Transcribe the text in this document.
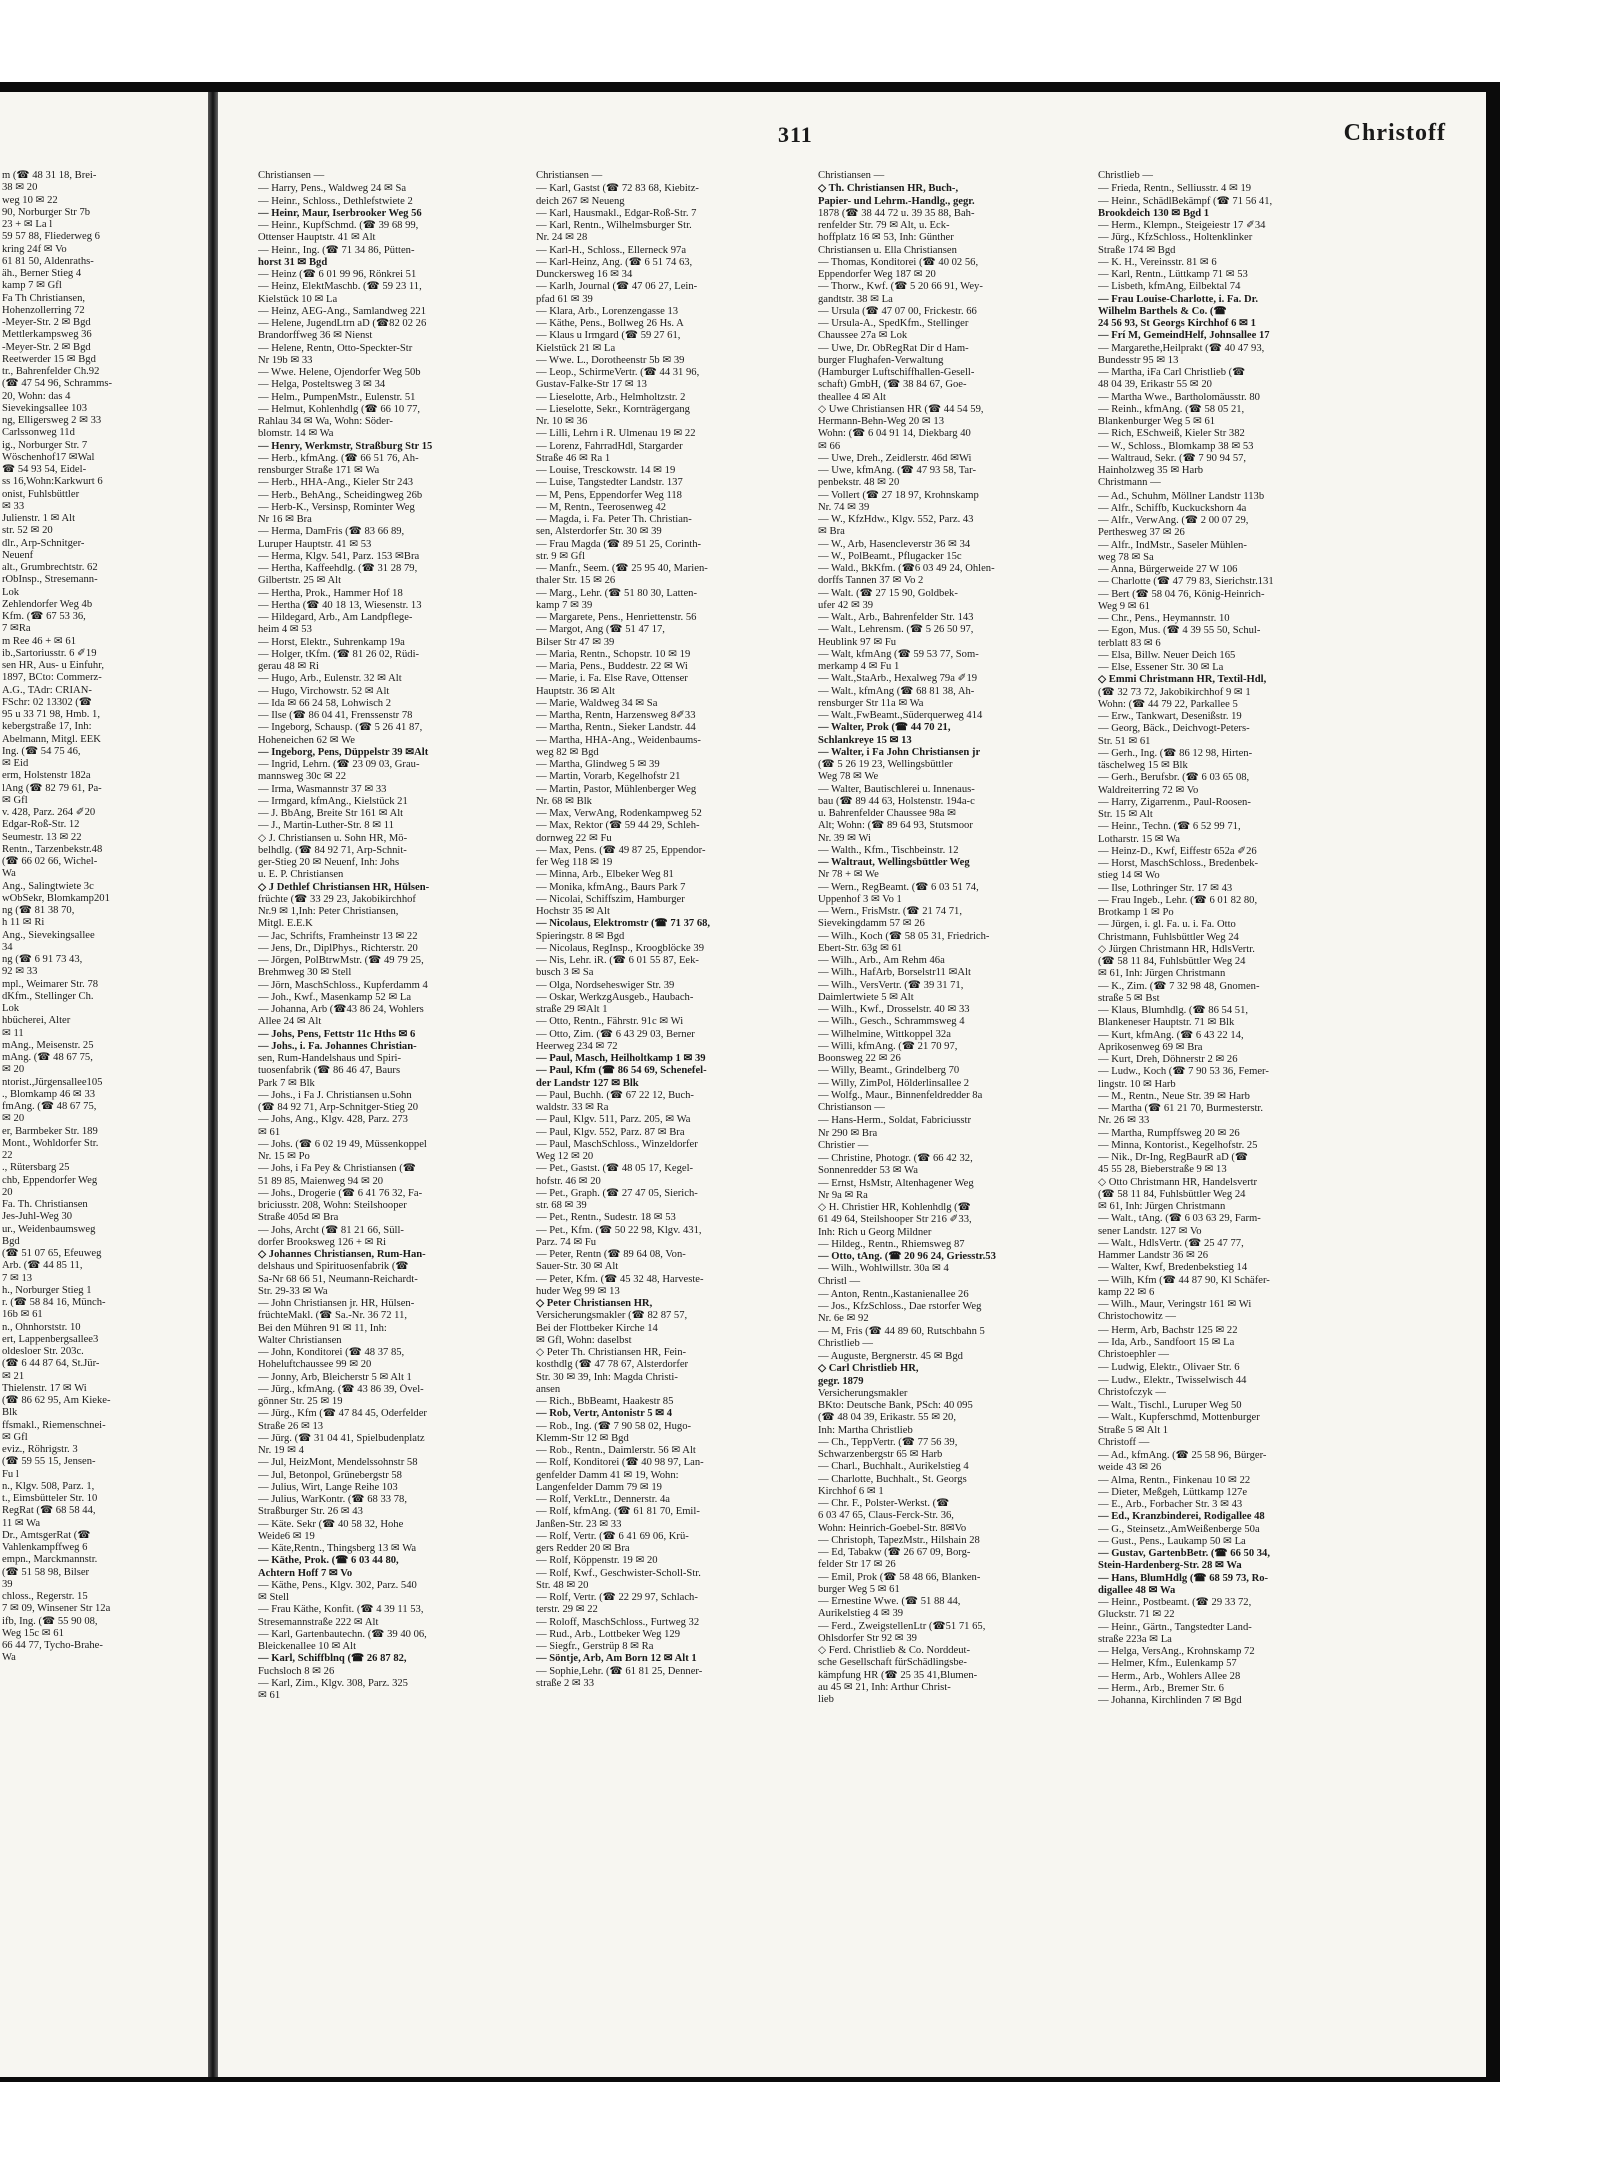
m (☎ 48 31 18, Brei-
38 ✉ 20
weg 10 ✉ 22
90, Norburger Str 7b
23 + ✉ La l
59 57 88, Fliederweg 6
kring 24f ✉ Vo
61 81 50, Aldenraths-
äh., Berner Stieg 4
kamp 7 ✉ Gfl
Fa Th Christiansen,
Hohenzollerring 72
-Meyer-Str. 2 ✉ Bgd
Mettlerkampsweg 36
-Meyer-Str. 2 ✉ Bgd
Reetwerder 15 ✉ Bgd
tr., Bahrenfelder Ch.92
(☎ 47 54 96, Schramms-
20, Wohn: das 4
Sievekingsallee 103
ng, Elligersweg 2 ✉ 33
Carlssonweg 11d
ig., Norburger Str. 7
Wöschenhof17 ✉Wal
☎ 54 93 54, Eidel-
ss 16,Wohn:Karkwurt 6
onist, Fuhlsbüttler
✉ 33
Julienstr. 1 ✉ Alt
str. 52 ✉ 20
dlr., Arp-Schnitger-
Neuenf
alt., Grumbrechtstr. 62
rObInsp., Stresemann-
Lok
Zehlendorfer Weg 4b
Kfm. (☎ 67 53 36,
7 ✉Ra
m Ree 46 + ✉ 61
ib.,Sartoriusstr. 6 ✐19
sen HR, Aus- u Einfuhr,
1897, BCto: Commerz-
A.G., TAdr: CRIAN-
FSchr: 02 13302 (☎
95 u 33 71 98, Hmb. 1,
kebergstraße 17, Inh:
Abelmann, Mitgl. EEK
Ing. (☎ 54 75 46,
✉ Eid
erm, Holstenstr 182a
lAng (☎ 82 79 61, Pa-
✉ Gfl
v. 428, Parz. 264 ✐20
Edgar-Roß-Str. 12
Seumestr. 13 ✉ 22
Rentn., Tarzenbekstr.48
(☎ 66 02 66, Wichel-
Wa
Ang., Salingtwiete 3c
wObSekr, Blomkamp201
ng (☎ 81 38 70,
h 11 ✉ Ri
Ang., Sievekingsallee
34
ng (☎ 6 91 73 43,
92 ✉ 33
mpl., Weimarer Str. 78
dKfm., Stellinger Ch.
Lok
hbücherei, Alter
✉ 11
mAng., Meisenstr. 25
mAng. (☎ 48 67 75,
✉ 20
ntorist.,Jürgensallee105
., Blomkamp 46 ✉ 33
fmAng. (☎ 48 67 75,
✉ 20
er, Barmbeker Str. 189
Mont., Wohldorfer Str.
22
., Rütersbarg 25
chb, Eppendorfer Weg
20
Fa. Th. Christiansen
Jes-Juhl-Weg 30
ur., Weidenbaumsweg
Bgd
(☎ 51 07 65, Efeuweg
Arb. (☎ 44 85 11,
7 ✉ 13
h., Norburger Stieg 1
r. (☎ 58 84 16, Münch-
16b ✉ 61
n., Ohnhorststr. 10
ert, Lappenbergsallee3
oldesloer Str. 203c.
(☎ 6 44 87 64, St.Jür-
✉ 21
Thielenstr. 17 ✉ Wi
(☎ 86 62 95, Am Kieke-
Blk
ffsmakl., Riemenschnei-
✉ Gfl
eviz., Röhrigstr. 3
(☎ 59 55 15, Jensen-
Fu l
n., Klgv. 508, Parz. 1,
t., Eimsbütteler Str. 10
RegRat (☎ 68 58 44,
11 ✉ Wa
Dr., AmtsgerRat (☎
Vahlenkampffweg 6
empn., Marckmannstr.
(☎ 51 58 98, Bilser
39
chloss., Regerstr. 15
7 ✉ 09, Winsener Str 12a
ifb, Ing. (☎ 55 90 08,
Weg 15c ✉ 61
66 44 77, Tycho-Brahe-
Wa
311	Christoff
Christiansen —
— Harry, Pens., Waldweg 24 ✉ Sa
— Heinr., Schloss., Dethlefstwiete 2
— Heinr, Maur, Iserbrooker Weg 56
— Heinr., KupfSchmd. (☎ 39 68 99,
Ottenser Hauptstr. 41 ✉ Alt
— Heinr., Ing. (☎ 71 34 86, Pütten-
horst 31 ✉ Bgd
— Heinz (☎ 6 01 99 96, Rönkrei 51
— Heinz, ElektMaschb. (☎ 59 23 11,
Kielstück 10 ✉ La
— Heinz, AEG-Ang., Samlandweg 221
— Helene, JugendLtrn aD (☎82 02 26
Brandorffweg 36 ✉ Nienst
— Helene, Rentn, Otto-Speckter-Str
Nr 19b ✉ 33
— Wwe. Helene, Ojendorfer Weg 50b
— Helga, Posteltsweg 3 ✉ 34
— Helm., PumpenMstr., Eulenstr. 51
— Helmut, Kohlenhdlg (☎ 66 10 77,
Rahlau 34 ✉ Wa, Wohn: Söder-
blomstr. 14 ✉ Wa
— Henry, Werkmstr, Straßburg Str 15
— Herb., kfmAng. (☎ 66 51 76, Ah-
rensburger Straße 171 ✉ Wa
— Herb., HHA-Ang., Kieler Str 243
— Herb., BehAng., Scheidingweg 26b
— Herb-K., Versinsp, Rominter Weg
Nr 16 ✉ Bra
— Herma, DamFris (☎ 83 66 89,
Luruper Hauptstr. 41 ✉ 53
— Herma, Klgv. 541, Parz. 153 ✉Bra
— Hertha, Kaffeehdlg. (☎ 31 28 79,
Gilbertstr. 25 ✉ Alt
— Hertha, Prok., Hammer Hof 18
— Hertha (☎ 40 18 13, Wiesenstr. 13
— Hildegard, Arb., Am Landpflege-
heim 4 ✉ 53
— Horst, Elektr., Suhrenkamp 19a
— Holger, tKfm. (☎ 81 26 02, Rüdi-
gerau 48 ✉ Ri
— Hugo, Arb., Eulenstr. 32 ✉ Alt
— Hugo, Virchowstr. 52 ✉ Alt
— Ida ✉ 66 24 58, Lohwisch 2
— Ilse (☎ 86 04 41, Frenssenstr 78
— Ingeborg, Schausp. (☎ 5 26 41 87,
Hoheneichen 62 ✉ We
— Ingeborg, Pens, Düppelstr 39 ✉Alt
— Ingrid, Lehrn. (☎ 23 09 03, Grau-
mannsweg 30c ✉ 22
— Irma, Wasmannstr 37 ✉ 33
— Irmgard, kfmAng., Kielstück 21
— J. BbAng, Breite Str 161 ✉ Alt
— J., Martin-Luther-Str. 8 ✉ 11
◇ J. Christiansen u. Sohn HR, Mö-
belhdlg. (☎ 84 92 71, Arp-Schnit-
ger-Stieg 20 ✉ Neuenf, Inh: Johs
u. E. P. Christiansen
◇ J Dethlef Christiansen HR, Hülsen-
früchte (☎ 33 29 23, Jakobikirchhof
Nr.9 ✉ 1,Inh: Peter Christiansen,
Mitgl. E.E.K
— Jac, Schrifts, Framheinstr 13 ✉ 22
— Jens, Dr., DiplPhys., Richterstr. 20
— Jörgen, PolBtrwMstr. (☎ 49 79 25,
Brehmweg 30 ✉ Stell
— Jörn, MaschSchloss., Kupferdamm 4
— Joh., Kwf., Masenkamp 52 ✉ La
— Johanna, Arb (☎43 86 24, Wohlers
Allee 24 ✉ Alt
— Johs, Pens, Fettstr 11c Hths ✉ 6
— Johs., i. Fa. Johannes Christian-
sen, Rum-Handelshaus und Spiri-
tuosenfabrik (☎ 86 46 47, Baurs
Park 7 ✉ Blk
— Johs., i Fa J. Christiansen u.Sohn
(☎ 84 92 71, Arp-Schnitger-Stieg 20
— Johs, Ang., Klgv. 428, Parz. 273
✉ 61
— Johs. (☎ 6 02 19 49, Müssenkoppel
Nr. 15 ✉ Po
— Johs, i Fa Pey & Christiansen (☎
51 89 85, Maienweg 94 ✉ 20
— Johs., Drogerie (☎ 6 41 76 32, Fa-
briciusstr. 208, Wohn: Steilshooper
Straße 405d ✉ Bra
— Johs, Archt (☎ 81 21 66, Süll-
dorfer Brooksweg 126 + ✉ Ri
◇ Johannes Christiansen, Rum-Han-
delshaus und Spirituosenfabrik (☎
Sa-Nr 68 66 51, Neumann-Reichardt-
Str. 29-33 ✉ Wa
— John Christiansen jr. HR, Hülsen-
früchteMakl. (☎ Sa.-Nr. 36 72 11,
Bei den Mühren 91 ✉ 11, Inh:
Walter Christiansen
— John, Konditorei (☎ 48 37 85,
Hoheluftchaussee 99 ✉ 20
— Jonny, Arb, Bleicherstr 5 ✉ Alt 1
— Jürg., kfmAng. (☎ 43 86 39, Övel-
gönner Str. 25 ✉ 19
— Jürg., Kfm (☎ 47 84 45, Oderfelder
Straße 26 ✉ 13
— Jürg. (☎ 31 04 41, Spielbudenplatz
Nr. 19 ✉ 4
— Jul, HeizMont, Mendelssohnstr 58
— Jul, Betonpol, Grünebergstr 58
— Julius, Wirt, Lange Reihe 103
— Julius, WarKontr. (☎ 68 33 78,
Straßburger Str. 26 ✉ 43
— Käte. Sekr (☎ 40 58 32, Hohe
Weide6 ✉ 19
— Käte,Rentn., Thingsberg 13 ✉ Wa
— Käthe, Prok. (☎ 6 03 44 80,
Achtern Hoff 7 ✉ Vo
— Käthe, Pens., Klgv. 302, Parz. 540
✉ Stell
— Frau Käthe, Konfit. (☎ 4 39 11 53,
Stresemannstraße 222 ✉ Alt
— Karl, Gartenbautechn. (☎ 39 40 06,
Bleickenallee 10 ✉ Alt
— Karl, Schiffblnq (☎ 26 87 82,
Fuchsloch 8 ✉ 26
— Karl, Zim., Klgv. 308, Parz. 325
✉ 61
Christiansen —
— Karl, Gastst (☎ 72 83 68, Kiebitz-
deich 267 ✉ Neueng
— Karl, Hausmakl., Edgar-Roß-Str. 7
— Karl, Rentn., Wilhelmsburger Str.
Nr. 24 ✉ 28
— Karl-H., Schloss., Ellerneck 97a
— Karl-Heinz, Ang. (☎ 6 51 74 63,
Dunckersweg 16 ✉ 34
— Karlh, Journal (☎ 47 06 27, Lein-
pfad 61 ✉ 39
— Klara, Arb., Lorenzengasse 13
— Käthe, Pens., Bollweg 26 Hs. A
— Klaus u Irmgard (☎ 59 27 61,
Kielstück 21 ✉ La
— Wwe. L., Dorotheenstr 5b ✉ 39
— Leop., SchirmeVertr. (☎ 44 31 96,
Gustav-Falke-Str 17 ✉ 13
— Lieselotte, Arb., Helmholtzstr. 2
— Lieselotte, Sekr., Kornträgergang
Nr. 10 ✉ 36
— Lilli, Lehrn i R. Ulmenau 19 ✉ 22
— Lorenz, FahrradHdl, Stargarder
Straße 46 ✉ Ra 1
— Louise, Tresckowstr. 14 ✉ 19
— Luise, Tangstedter Landstr. 137
— M, Pens, Eppendorfer Weg 118
— M, Rentn., Teerosenweg 42
— Magda, i. Fa. Peter Th. Christian-
sen, Alsterdorfer Str. 30 ✉ 39
— Frau Magda (☎ 89 51 25, Corinth-
str. 9 ✉ Gfl
— Manfr., Seem. (☎ 25 95 40, Marien-
thaler Str. 15 ✉ 26
— Marg., Lehr. (☎ 51 80 30, Latten-
kamp 7 ✉ 39
— Margarete, Pens., Henriettenstr. 56
— Margot, Ang (☎ 51 47 17,
Bilser Str 47 ✉ 39
— Maria, Rentn., Schopstr. 10 ✉ 19
— Maria, Pens., Buddestr. 22 ✉ Wi
— Marie, i. Fa. Else Rave, Ottenser
Hauptstr. 36 ✉ Alt
— Marie, Waldweg 34 ✉ Sa
— Martha, Rentn, Harzensweg 8✐33
— Martha, Rentn., Sieker Landstr. 44
— Martha, HHA-Ang., Weidenbaums-
weg 82 ✉ Bgd
— Martha, Glindweg 5 ✉ 39
— Martin, Vorarb, Kegelhofstr 21
— Martin, Pastor, Mühlenberger Weg
Nr. 68 ✉ Blk
— Max, VerwAng, Rodenkampweg 52
— Max, Rektor (☎ 59 44 29, Schleh-
dornweg 22 ✉ Fu
— Max, Pens. (☎ 49 87 25, Eppendor-
fer Weg 118 ✉ 19
— Minna, Arb., Elbeker Weg 81
— Monika, kfmAng., Baurs Park 7
— Nicolai, Schiffszim, Hamburger
Hochstr 35 ✉ Alt
— Nicolaus, Elektromstr (☎ 71 37 68,
Spieringstr. 8 ✉ Bgd
— Nicolaus, RegInsp., Kroogblöcke 39
— Nis, Lehr. iR. (☎ 6 01 55 87, Eek-
busch 3 ✉ Sa
— Olga, Nordseheswiger Str. 39
— Oskar, WerkzgAusgeb., Haubach-
straße 29 ✉Alt 1
— Otto, Rentn., Fährstr. 91c ✉ Wi
— Otto, Zim. (☎ 6 43 29 03, Berner
Heerweg 234 ✉ 72
— Paul, Masch, Heilholtkamp 1 ✉ 39
— Paul, Kfm (☎ 86 54 69, Schenefel-
der Landstr 127 ✉ Blk
— Paul, Buchh. (☎ 67 22 12, Buch-
waldstr. 33 ✉ Ra
— Paul, Klgv. 511, Parz. 205, ✉ Wa
— Paul, Klgv. 552, Parz. 87 ✉ Bra
— Paul, MaschSchloss., Winzeldorfer
Weg 12 ✉ 20
— Pet., Gastst. (☎ 48 05 17, Kegel-
hofstr. 46 ✉ 20
— Pet., Graph. (☎ 27 47 05, Sierich-
str. 68 ✉ 39
— Pet., Rentn., Sudestr. 18 ✉ 53
— Pet., Kfm. (☎ 50 22 98, Klgv. 431,
Parz. 74 ✉ Fu
— Peter, Rentn (☎ 89 64 08, Von-
Sauer-Str. 30 ✉ Alt
— Peter, Kfm. (☎ 45 32 48, Harveste-
huder Weg 99 ✉ 13
◇ Peter Christiansen HR,
Versicherungsmakler (☎ 82 87 57,
Bei der Flottbeker Kirche 14
✉ Gfl, Wohn: daselbst
◇ Peter Th. Christiansen HR, Fein-
kosthdlg (☎ 47 78 67, Alsterdorfer
Str. 30 ✉ 39, Inh: Magda Christi-
ansen
— Rich., BbBeamt, Haakestr 85
— Rob, Vertr, Antonistr 5 ✉ 4
— Rob., Ing. (☎ 7 90 58 02, Hugo-
Klemm-Str 12 ✉ Bgd
— Rob., Rentn., Daimlerstr. 56 ✉ Alt
— Rolf, Konditorei (☎ 40 98 97, Lan-
genfelder Damm 41 ✉ 19, Wohn:
Langenfelder Damm 79 ✉ 19
— Rolf, VerkLtr., Dennerstr. 4a
— Rolf, kfmAng. (☎ 61 81 70, Emil-
Janßen-Str. 23 ✉ 33
— Rolf, Vertr. (☎ 6 41 69 06, Krü-
gers Redder 20 ✉ Bra
— Rolf, Köppenstr. 19 ✉ 20
— Rolf, Kwf., Geschwister-Scholl-Str.
Str. 48 ✉ 20
— Rolf, Vertr. (☎ 22 29 97, Schlach-
terstr. 29 ✉ 22
— Roloff, MaschSchloss., Furtweg 32
— Rud., Arb., Lottbeker Weg 129
— Siegfr., Gerstrüp 8 ✉ Ra
— Söntje, Arb, Am Born 12 ✉ Alt 1
— Sophie,Lehr. (☎ 61 81 25, Denner-
straße 2 ✉ 33
Christiansen —
◇ Th. Christiansen HR, Buch-,
Papier- und Lehrm.-Handlg., gegr.
1878 (☎ 38 44 72 u. 39 35 88, Bah-
renfelder Str. 79 ✉ Alt, u. Eck-
hoffplatz 16 ✉ 53, Inh: Günther
Christiansen u. Ella Christiansen
— Thomas, Konditorei (☎ 40 02 56,
Eppendorfer Weg 187 ✉ 20
— Thorw., Kwf. (☎ 5 20 66 91, Wey-
gandtstr. 38 ✉ La
— Ursula (☎ 47 07 00, Frickestr. 66
— Ursula-A., SpedKfm., Stellinger
Chaussee 27a ✉ Lok
— Uwe, Dr. ObRegRat Dir d Ham-
burger Flughafen-Verwaltung
(Hamburger Luftschiffhallen-Gesell-
schaft) GmbH, (☎ 38 84 67, Goe-
theallee 4 ✉ Alt
◇ Uwe Christiansen HR (☎ 44 54 59,
Hermann-Behn-Weg 20 ✉ 13
Wohn: (☎ 6 04 91 14, Diekbarg 40
✉ 66
— Uwe, Dreh., Zeidlerstr. 46d ✉Wi
— Uwe, kfmAng. (☎ 47 93 58, Tar-
penbekstr. 48 ✉ 20
— Vollert (☎ 27 18 97, Krohnskamp
Nr. 74 ✉ 39
— W., KfzHdw., Klgv. 552, Parz. 43
✉ Bra
— W., Arb, Hasencleverstr 36 ✉ 34
— W., PolBeamt., Pflugacker 15c
— Wald., BkKfm. (☎6 03 49 24, Ohlen-
dorffs Tannen 37 ✉ Vo 2
— Walt. (☎ 27 15 90, Goldbek-
ufer 42 ✉ 39
— Walt., Arb., Bahrenfelder Str. 143
— Walt., Lehrensm. (☎ 5 26 50 97,
Heublink 97 ✉ Fu
— Walt, kfmAng (☎ 59 53 77, Som-
merkamp 4 ✉ Fu 1
— Walt.,StaArb., Hexalweg 79a ✐19
— Walt., kfmAng (☎ 68 81 38, Ah-
rensburger Str 11a ✉ Wa
— Walt.,FwBeamt.,Süderquerweg 414
— Walter, Prok (☎ 44 70 21,
Schlankreye 15 ✉ 13
— Walter, i Fa John Christiansen jr
(☎ 5 26 19 23, Wellingsbüttler
Weg 78 ✉ We
— Walter, Bautischlerei u. Innenaus-
bau (☎ 89 44 63, Holstenstr. 194a-c
u. Bahrenfelder Chaussee 98a ✉
Alt; Wohn: (☎ 89 64 93, Stutsmoor
Nr. 39 ✉ Wi
— Walth., Kfm., Tischbeinstr. 12
— Waltraut, Wellingsbüttler Weg
Nr 78 + ✉ We
— Wern., RegBeamt. (☎ 6 03 51 74,
Uppenhof 3 ✉ Vo 1
— Wern., FrisMstr. (☎ 21 74 71,
Sievekingdamm 57 ✉ 26
— Wilh., Koch (☎ 58 05 31, Friedrich-
Ebert-Str. 63g ✉ 61
— Wilh., Arb., Am Rehm 46a
— Wilh., HafArb, Borselstr11 ✉Alt
— Wilh., VersVertr. (☎ 39 31 71,
Daimlertwiete 5 ✉ Alt
— Wilh., Kwf., Drosselstr. 40 ✉ 33
— Wilh., Gesch., Schrammsweg 4
— Wilhelmine, Wittkoppel 32a
— Willi, kfmAng. (☎ 21 70 97,
Boonsweg 22 ✉ 26
— Willy, Beamt., Grindelberg 70
— Willy, ZimPol, Hölderlinsallee 2
— Wolfg., Maur., Binnenfeldredder 8a
Christianson —
— Hans-Herm., Soldat, Fabriciusstr
Nr 290 ✉ Bra
Christier —
— Christine, Photogr. (☎ 66 42 32,
Sonnenredder 53 ✉ Wa
— Ernst, HsMstr, Altenhagener Weg
Nr 9a ✉ Ra
◇ H. Christier HR, Kohlenhdlg (☎
61 49 64, Steilshooper Str 216 ✐33,
Inh: Rich u Georg Mildner
— Hildeg., Rentn., Rhiemsweg 87
— Otto, tAng. (☎ 20 96 24, Griesstr.53
— Wilh., Wohlwillstr. 30a ✉ 4
Christl —
— Anton, Rentn.,Kastanienallee 26
— Jos., KfzSchloss., Dae rstorfer Weg
Nr. 6e ✉ 92
— M, Fris (☎ 44 89 60, Rutschbahn 5
Christlieb —
— Auguste, Bergnerstr. 45 ✉ Bgd
◇ Carl Christlieb HR,
gegr. 1879
Versicherungsmakler
BKto: Deutsche Bank, PSch: 40 095
(☎ 48 04 39, Erikastr. 55 ✉ 20,
Inh: Martha Christlieb
— Ch., TeppVertr. (☎ 77 56 39,
Schwarzenbergstr 65 ✉ Harb
— Charl., Buchhalt., Aurikelstieg 4
— Charlotte, Buchhalt., St. Georgs
Kirchhof 6 ✉ 1
— Chr. F., Polster-Werkst. (☎
6 03 47 65, Claus-Ferck-Str. 36,
Wohn: Heinrich-Goebel-Str. 8✉Vo
— Christoph, TapezMstr., Hilshain 28
— Ed, Tabakw (☎ 26 67 09, Borg-
felder Str 17 ✉ 26
— Emil, Prok (☎ 58 48 66, Blanken-
burger Weg 5 ✉ 61
— Ernestine Wwe. (☎ 51 88 44,
Aurikelstieg 4 ✉ 39
— Ferd., ZweigstellenLtr (☎51 71 65,
Ohlsdorfer Str 92 ✉ 39
◇ Ferd. Christlieb & Co. Norddeut-
sche Gesellschaft fürSchädlingsbe-
kämpfung HR (☎ 25 35 41,Blumen-
au 45 ✉ 21, Inh: Arthur Christ-
lieb
Christlieb —
— Frieda, Rentn., Selliusstr. 4 ✉ 19
— Heinr., SchädlBekämpf (☎ 71 56 41,
Brookdeich 130 ✉ Bgd 1
— Herm., Klempn., Steigeiestr 17 ✐34
— Jürg., KfzSchloss., Holtenklinker
Straße 174 ✉ Bgd
— K. H., Vereinsstr. 81 ✉ 6
— Karl, Rentn., Lüttkamp 71 ✉ 53
— Lisbeth, kfmAng, Eilbektal 74
— Frau Louise-Charlotte, i. Fa. Dr.
Wilhelm Barthels & Co. (☎
24 56 93, St Georgs Kirchhof 6 ✉ 1
— Frí M, GemeindHelf, Johnsallee 17
— Margarethe,Heilprakt (☎ 40 47 93,
Bundesstr 95 ✉ 13
— Martha, iFa Carl Christlieb (☎
48 04 39, Erikastr 55 ✉ 20
— Martha Wwe., Bartholomäusstr. 80
— Reinh., kfmAng. (☎ 58 05 21,
Blankenburger Weg 5 ✉ 61
— Rich, ESchweiß, Kieler Str 382
— W., Schloss., Blomkamp 38 ✉ 53
— Waltraud, Sekr. (☎ 7 90 94 57,
Hainholzweg 35 ✉ Harb
Christmann —
— Ad., Schuhm, Möllner Landstr 113b
— Alfr., Schiffb, Kuckuckshorn 4a
— Alfr., VerwAng. (☎ 2 00 07 29,
Perthesweg 37 ✉ 26
— Alfr., IndMstr., Saseler Mühlen-
weg 78 ✉ Sa
— Anna, Bürgerweide 27 W 106
— Charlotte (☎ 47 79 83, Sierichstr.131
— Bert (☎ 58 04 76, König-Heinrich-
Weg 9 ✉ 61
— Chr., Pens., Heymannstr. 10
— Egon, Mus. (☎ 4 39 55 50, Schul-
terblatt 83 ✉ 6
— Elsa, Billw. Neuer Deich 165
— Else, Essener Str. 30 ✉ La
◇ Emmi Christmann HR, Textil-Hdl,
(☎ 32 73 72, Jakobikirchhof 9 ✉ 1
Wohn: (☎ 44 79 22, Parkallee 5
— Erw., Tankwart, Desenißstr. 19
— Georg, Bäck., Deichvogt-Peters-
Str. 51 ✉ 61
— Gerh., Ing. (☎ 86 12 98, Hirten-
täschelweg 15 ✉ Blk
— Gerh., Berufsbr. (☎ 6 03 65 08,
Waldreiterring 72 ✉ Vo
— Harry, Zigarrenm., Paul-Roosen-
Str. 15 ✉ Alt
— Heinr., Techn. (☎ 6 52 99 71,
Lotharstr. 15 ✉ Wa
— Heinz-D., Kwf, Eiffestr 652a ✐26
— Horst, MaschSchloss., Bredenbek-
stieg 14 ✉ Wo
— Ilse, Lothringer Str. 17 ✉ 43
— Frau Ingeb., Lehr. (☎ 6 01 82 80,
Brotkamp 1 ✉ Po
— Jürgen, i. gl. Fa. u. i. Fa. Otto
Christmann, Fuhlsbüttler Weg 24
◇ Jürgen Christmann HR, HdlsVertr.
(☎ 58 11 84, Fuhlsbüttler Weg 24
✉ 61, Inh: Jürgen Christmann
— K., Zim. (☎ 7 32 98 48, Gnomen-
straße 5 ✉ Bst
— Klaus, Blumhdlg. (☎ 86 54 51,
Blankeneser Hauptstr. 71 ✉ Blk
— Kurt, kfmAng. (☎ 6 43 22 14,
Aprikosenweg 69 ✉ Bra
— Kurt, Dreh, Döhnerstr 2 ✉ 26
— Ludw., Koch (☎ 7 90 53 36, Femer-
lingstr. 10 ✉ Harb
— M., Rentn., Neue Str. 39 ✉ Harb
— Martha (☎ 61 21 70, Burmesterstr.
Nr. 26 ✉ 33
— Martha, Rumpffsweg 20 ✉ 26
— Minna, Kontorist., Kegelhofstr. 25
— Nik., Dr-Ing, RegBaurR aD (☎
45 55 28, Bieberstraße 9 ✉ 13
◇ Otto Christmann HR, Handelsvertr
(☎ 58 11 84, Fuhlsbüttler Weg 24
✉ 61, Inh: Jürgen Christmann
— Walt., tAng. (☎ 6 03 63 29, Farm-
sener Landstr. 127 ✉ Vo
— Walt., HdlsVertr. (☎ 25 47 77,
Hammer Landstr 36 ✉ 26
— Walter, Kwf, Bredenbekstieg 14
— Wilh, Kfm (☎ 44 87 90, Kl Schäfer-
kamp 22 ✉ 6
— Wilh., Maur, Veringstr 161 ✉ Wi
Christochowitz —
— Herm, Arb, Bachstr 125 ✉ 22
— Ida, Arb., Sandfoort 15 ✉ La
Christoephler —
— Ludwig, Elektr., Olivaer Str. 6
— Ludw., Elektr., Twisselwisch 44
Christofczyk —
— Walt., Tischl., Luruper Weg 50
— Walt., Kupferschmd, Mottenburger
Straße 5 ✉ Alt 1
Christoff —
— Ad., kfmAng. (☎ 25 58 96, Bürger-
weide 43 ✉ 26
— Alma, Rentn., Finkenau 10 ✉ 22
— Dieter, Meßgeh, Lüttkamp 127e
— E., Arb., Forbacher Str. 3 ✉ 43
— Ed., Kranzbinderei, Rodigallee 48
— G., Steinsetz.,AmWeißenberge 50a
— Gust., Pens., Laukamp 50 ✉ La
— Gustav, GartenbBetr. (☎ 66 50 34,
Stein-Hardenberg-Str. 28 ✉ Wa
— Hans, BlumHdlg (☎ 68 59 73, Ro-
digallee 48 ✉ Wa
— Heinr., Postbeamt. (☎ 29 33 72,
Gluckstr. 71 ✉ 22
— Heinr., Gärtn., Tangstedter Land-
straße 223a ✉ La
— Helga, VersAng., Krohnskamp 72
— Helmer, Kfm., Eulenkamp 57
— Herm., Arb., Wohlers Allee 28
— Herm., Arb., Bremer Str. 6
— Johanna, Kirchlinden 7 ✉ Bgd
